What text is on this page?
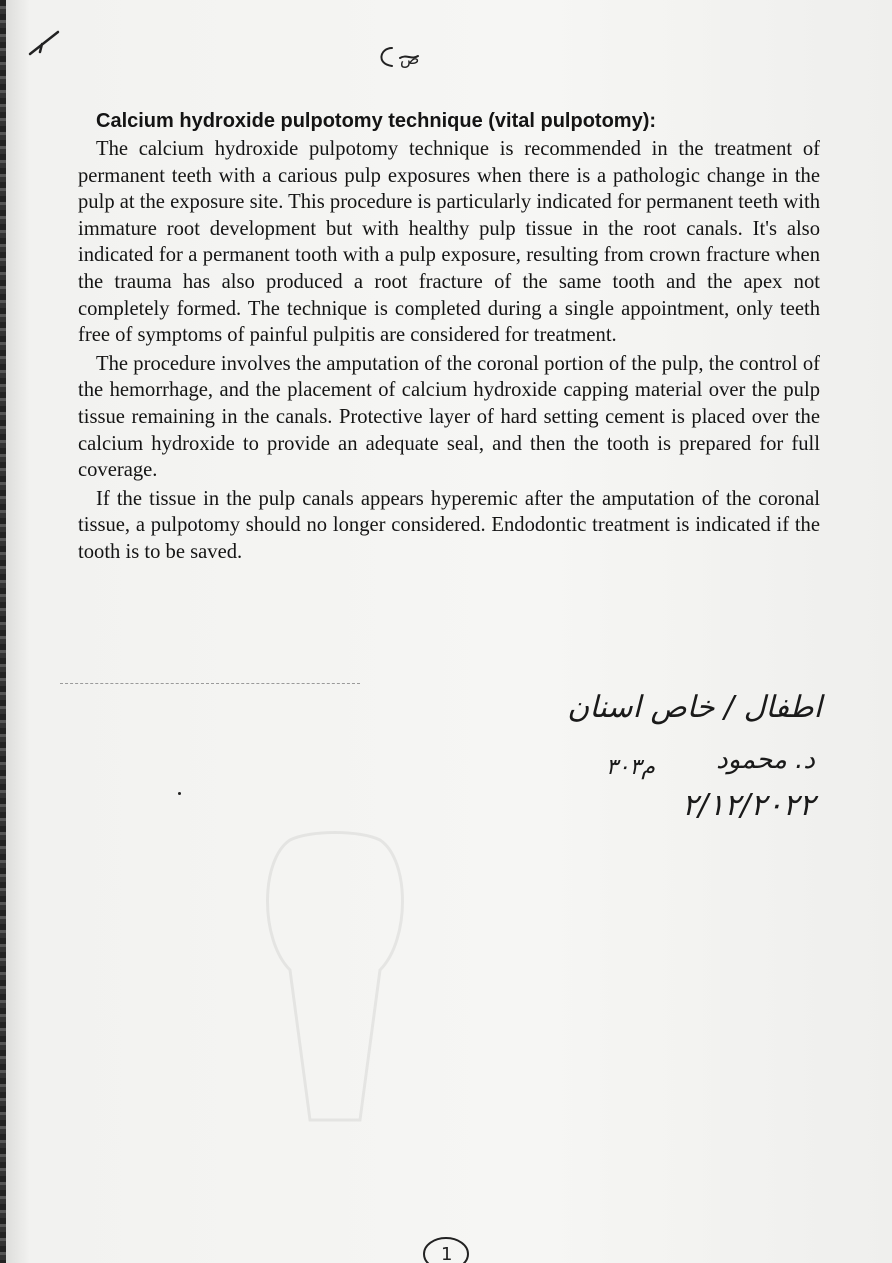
ص
Calcium hydroxide pulpotomy technique (vital pulpotomy):

The calcium hydroxide pulpotomy technique is recommended in the treatment of permanent teeth with a carious pulp exposures when there is a pathologic change in the pulp at the exposure site. This procedure is particularly indicated for permanent teeth with immature root development but with healthy pulp tissue in the root canals. It's also indicated for a permanent tooth with a pulp exposure, resulting from crown fracture when the trauma has also produced a root fracture of the same tooth and the apex not completely formed. The technique is completed during a single appointment, only teeth free of symptoms of painful pulpitis are considered for treatment.

The procedure involves the amputation of the coronal portion of the pulp, the control of the hemorrhage, and the placement of calcium hydroxide capping material over the pulp tissue remaining in the canals. Protective layer of hard setting cement is placed over the calcium hydroxide to provide an adequate seal, and then the tooth is prepared for full coverage.

If the tissue in the pulp canals appears hyperemic after the amputation of the coronal tissue, a pulpotomy should no longer considered. Endodontic treatment is indicated if the tooth is to be saved.

اطفال / خاص اسنان
د. محمود
م۳۰۳
۲/۱۲/۲۰۲۲
1
